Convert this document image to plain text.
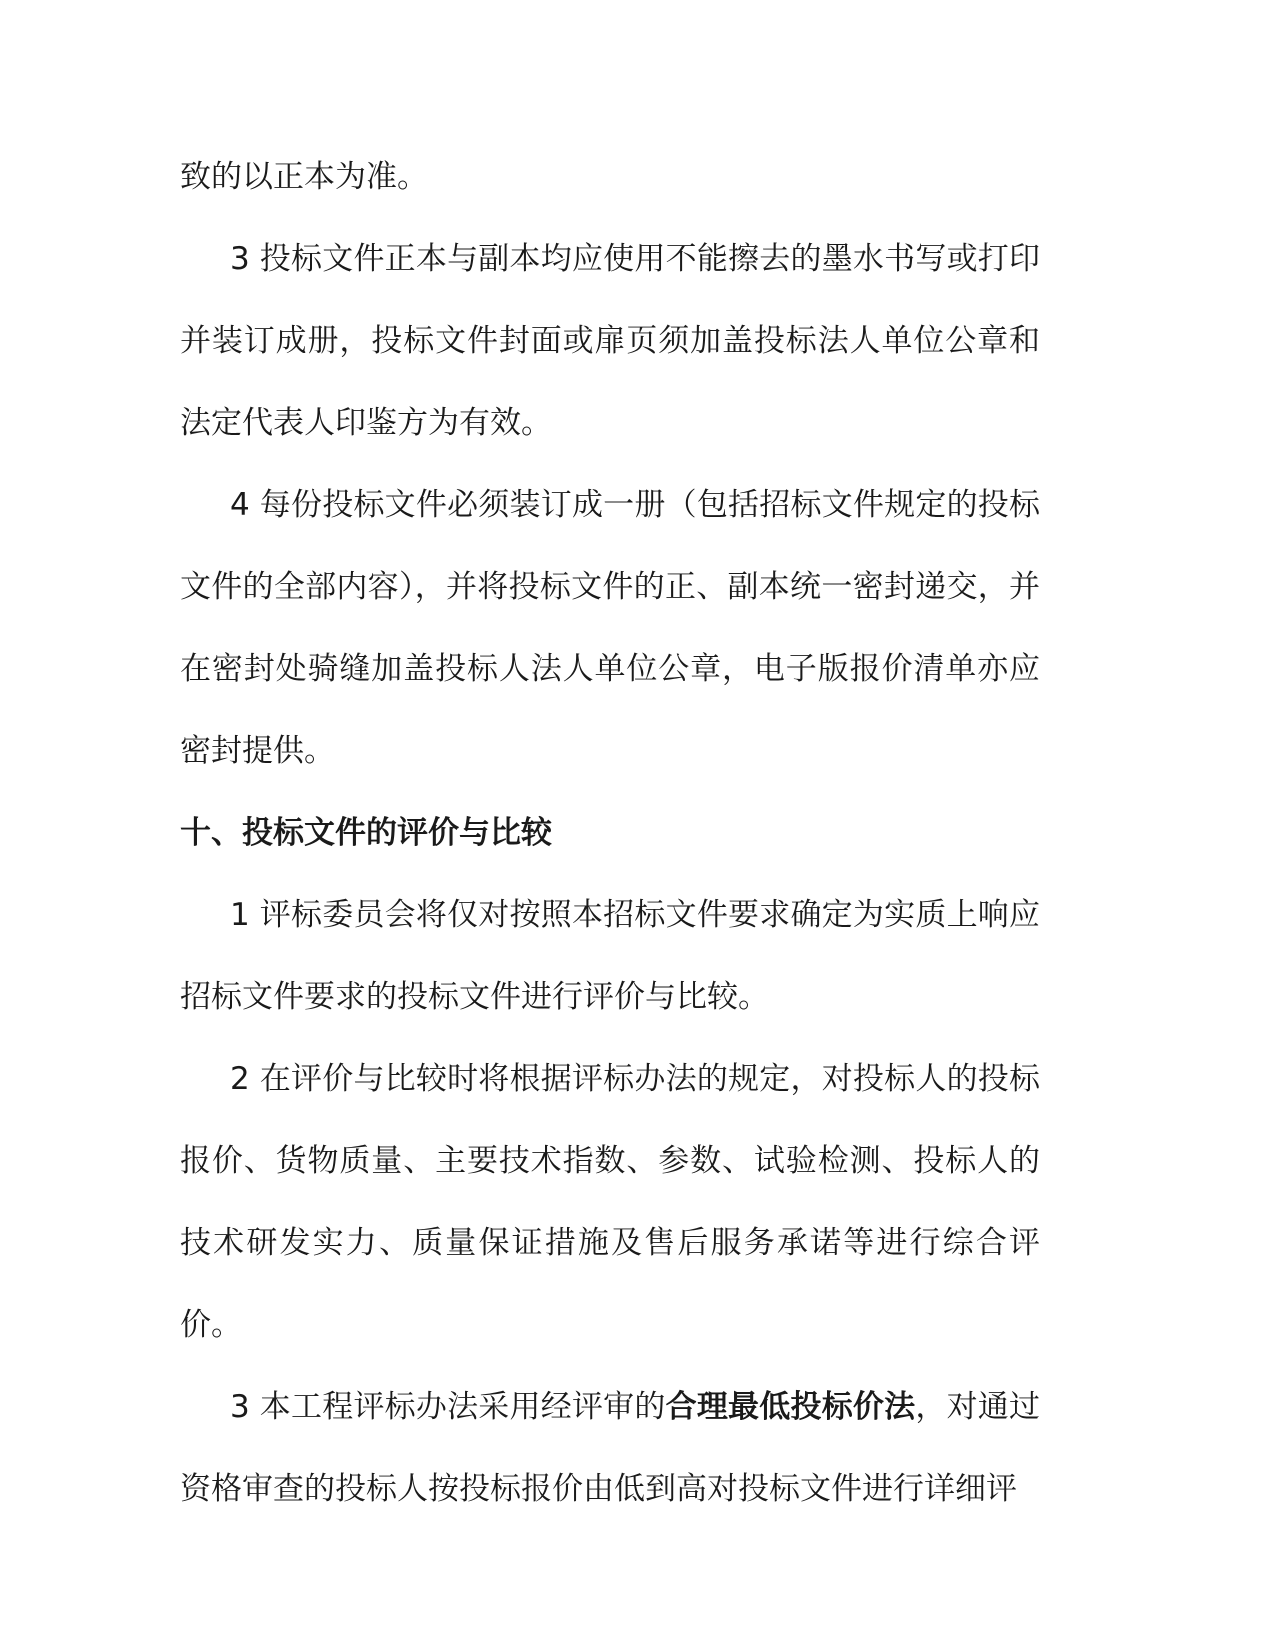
致的以正本为准。

3 投标文件正本与副本均应使用不能擦去的墨水书写或打印并装订成册，投标文件封面或扉页须加盖投标法人单位公章和法定代表人印鉴方为有效。

4 每份投标文件必须装订成一册（包括招标文件规定的投标文件的全部内容），并将投标文件的正、副本统一密封递交，并在密封处骑缝加盖投标人法人单位公章，电子版报价清单亦应密封提供。

十、投标文件的评价与比较

1 评标委员会将仅对按照本招标文件要求确定为实质上响应招标文件要求的投标文件进行评价与比较。

2 在评价与比较时将根据评标办法的规定，对投标人的投标报价、货物质量、主要技术指数、参数、试验检测、投标人的技术研发实力、质量保证措施及售后服务承诺等进行综合评价。

3 本工程评标办法采用经评审的合理最低投标价法，对通过资格审查的投标人按投标报价由低到高对投标文件进行详细评
